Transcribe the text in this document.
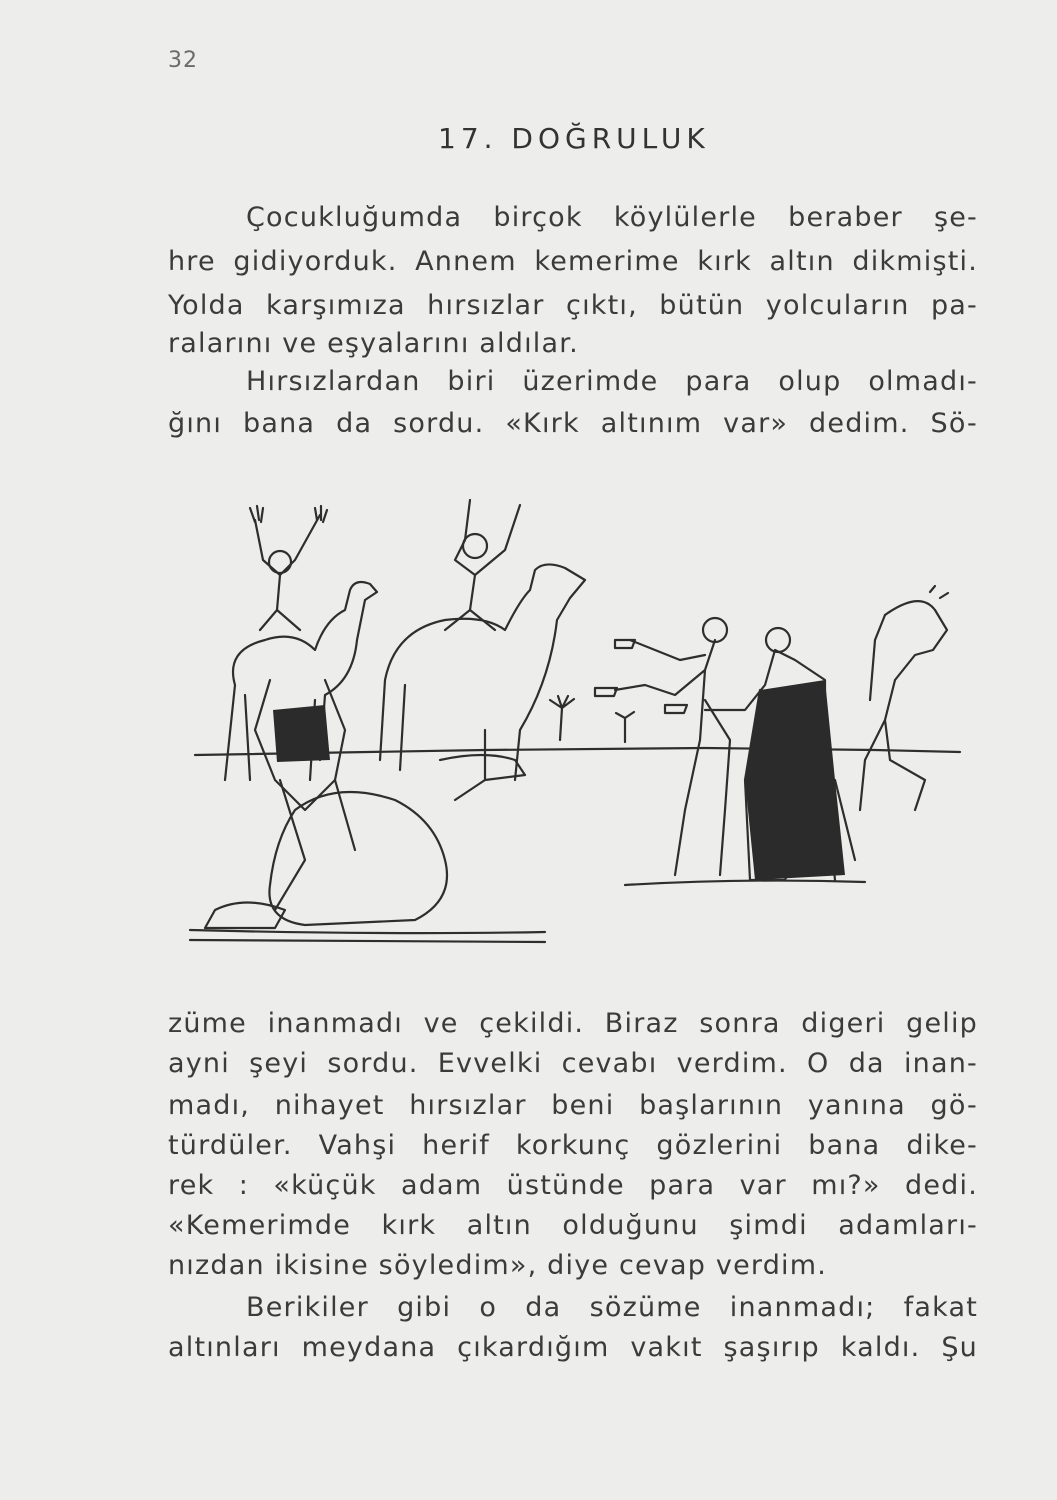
32
17. DOĞRULUK
Çocukluğumda birçok köylülerle beraber şe-
hre gidiyorduk. Annem kemerime kırk altın dikmişti.
Yolda karşımıza hırsızlar çıktı, bütün yolcuların pa-
ralarını ve eşyalarını aldılar.
Hırsızlardan biri üzerimde para olup olmadı-
ğını bana da sordu. «Kırk altınım var» dedim. Sö-
züme inanmadı ve çekildi. Biraz sonra digeri gelip
ayni şeyi sordu. Evvelki cevabı verdim. O da inan-
madı, nihayet hırsızlar beni başlarının yanına gö-
türdüler. Vahşi herif korkunç gözlerini bana dike-
rek : «küçük adam üstünde para var mı?» dedi.
«Kemerimde kırk altın olduğunu şimdi adamları-
nızdan ikisine söyledim», diye cevap verdim.
Berikiler gibi o da sözüme inanmadı; fakat
altınları meydana çıkardığım vakıt şaşırıp kaldı. Şu
